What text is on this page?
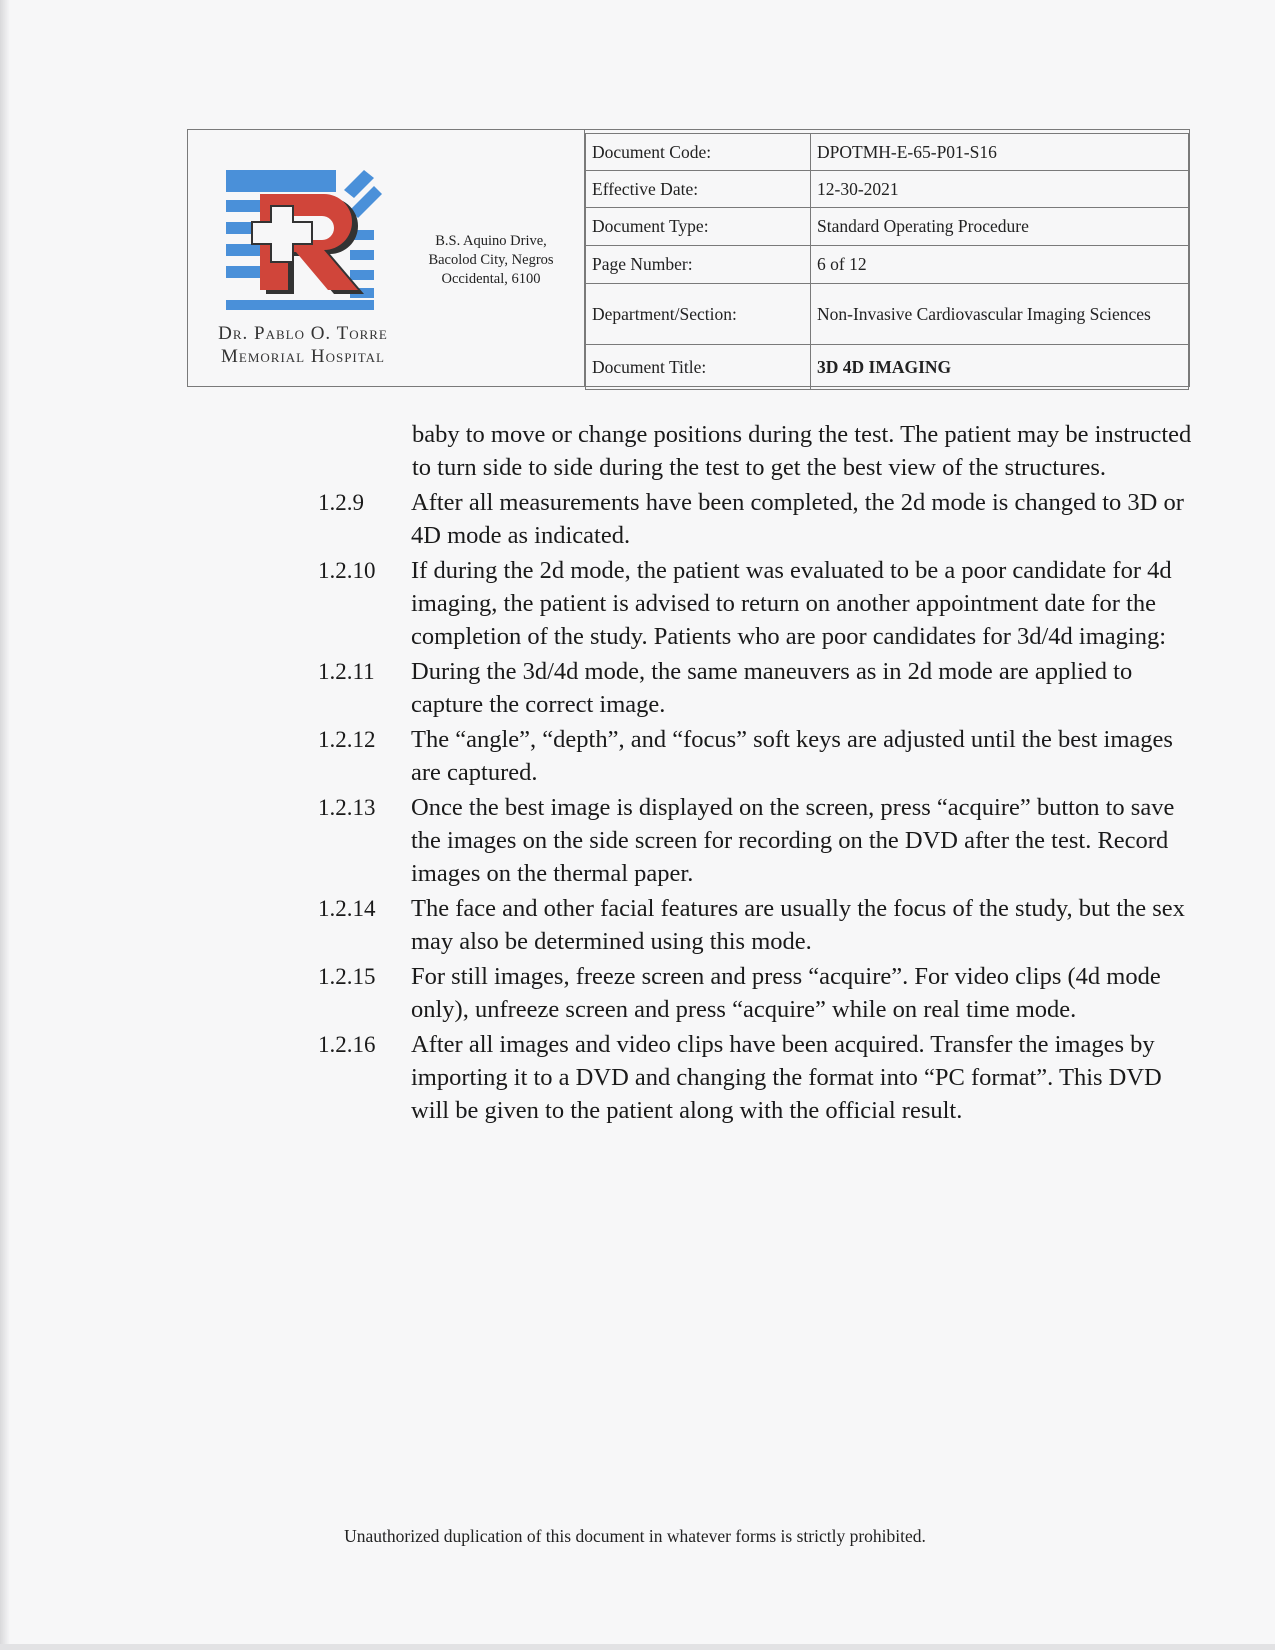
Dr. Pablo O. Torre
Memorial Hospital
B.S. Aquino Drive, Bacolod City, Negros Occidental, 6100
Document Code:	DPOTMH-E-65-P01-S16
Effective Date:	12-30-2021
Document Type:	Standard Operating Procedure
Page Number:	6 of 12
Department/Section:	Non-Invasive Cardiovascular Imaging Sciences
Document Title:	3D 4D IMAGING
baby to move or change positions during the test. The patient may be instructed to turn side to side during the test to get the best view of the structures.
1.2.9	After all measurements have been completed, the 2d mode is changed to 3D or 4D mode as indicated.
1.2.10	If during the 2d mode, the patient was evaluated to be a poor candidate for 4d imaging, the patient is advised to return on another appointment date for the completion of the study. Patients who are poor candidates for 3d/4d imaging:
1.2.11	During the 3d/4d mode, the same maneuvers as in 2d mode are applied to capture the correct image.
1.2.12	The “angle”, “depth”, and “focus” soft keys are adjusted until the best images are captured.
1.2.13	Once the best image is displayed on the screen, press “acquire” button to save the images on the side screen for recording on the DVD after the test. Record images on the thermal paper.
1.2.14	The face and other facial features are usually the focus of the study, but the sex may also be determined using this mode.
1.2.15	For still images, freeze screen and press “acquire”. For video clips (4d mode only), unfreeze screen and press “acquire” while on real time mode.
1.2.16	After all images and video clips have been acquired. Transfer the images by importing it to a DVD and changing the format into “PC format”. This DVD will be given to the patient along with the official result.
Unauthorized duplication of this document in whatever forms is strictly prohibited.
